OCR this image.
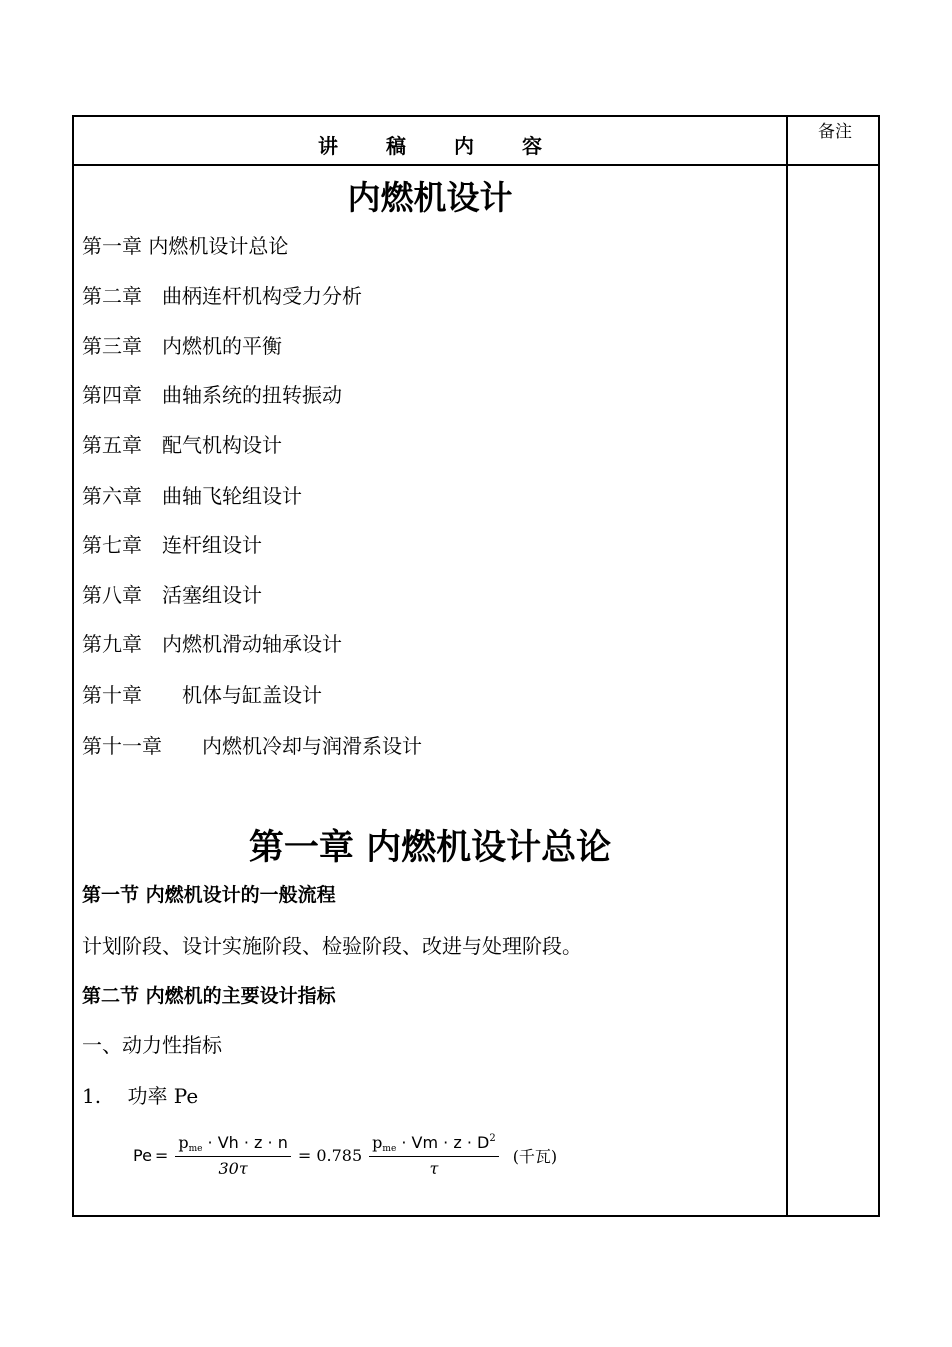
讲 稿 内 容
备注
内燃机设计
第一章 内燃机设计总论
第二章　曲柄连杆机构受力分析
第三章　内燃机的平衡
第四章　曲轴系统的扭转振动
第五章　配气机构设计
第六章　曲轴飞轮组设计
第七章　连杆组设计
第八章　活塞组设计
第九章　内燃机滑动轴承设计
第十章　　机体与缸盖设计
第十一章　　内燃机冷却与润滑系设计
第一章 内燃机设计总论
第一节 内燃机设计的一般流程
计划阶段、设计实施阶段、检验阶段、改进与处理阶段。
第二节 内燃机的主要设计指标
一、动力性指标
1.　 功率 Pe
$Pe = \frac{p_{me} \cdot Vh \cdot z \cdot n}{30\tau} = 0.785 \frac{p_{me} \cdot Vm \cdot z \cdot D^2}{\tau}$ (千瓦)
